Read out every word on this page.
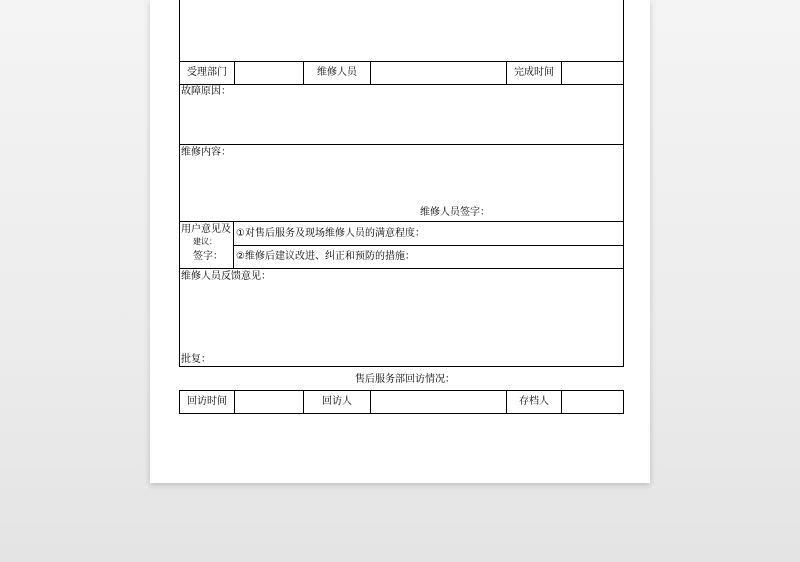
受理部门	维修人员	完成时间
故障原因：
维修内容：
维修人员签字：
用户意见及
建议：
签字：
①对售后服务及现场维修人员的满意程度：
②维修后建议改进、纠正和预防的措施：
维修人员反馈意见：
批复：
售后服务部回访情况：
回访时间	回访人	存档人
